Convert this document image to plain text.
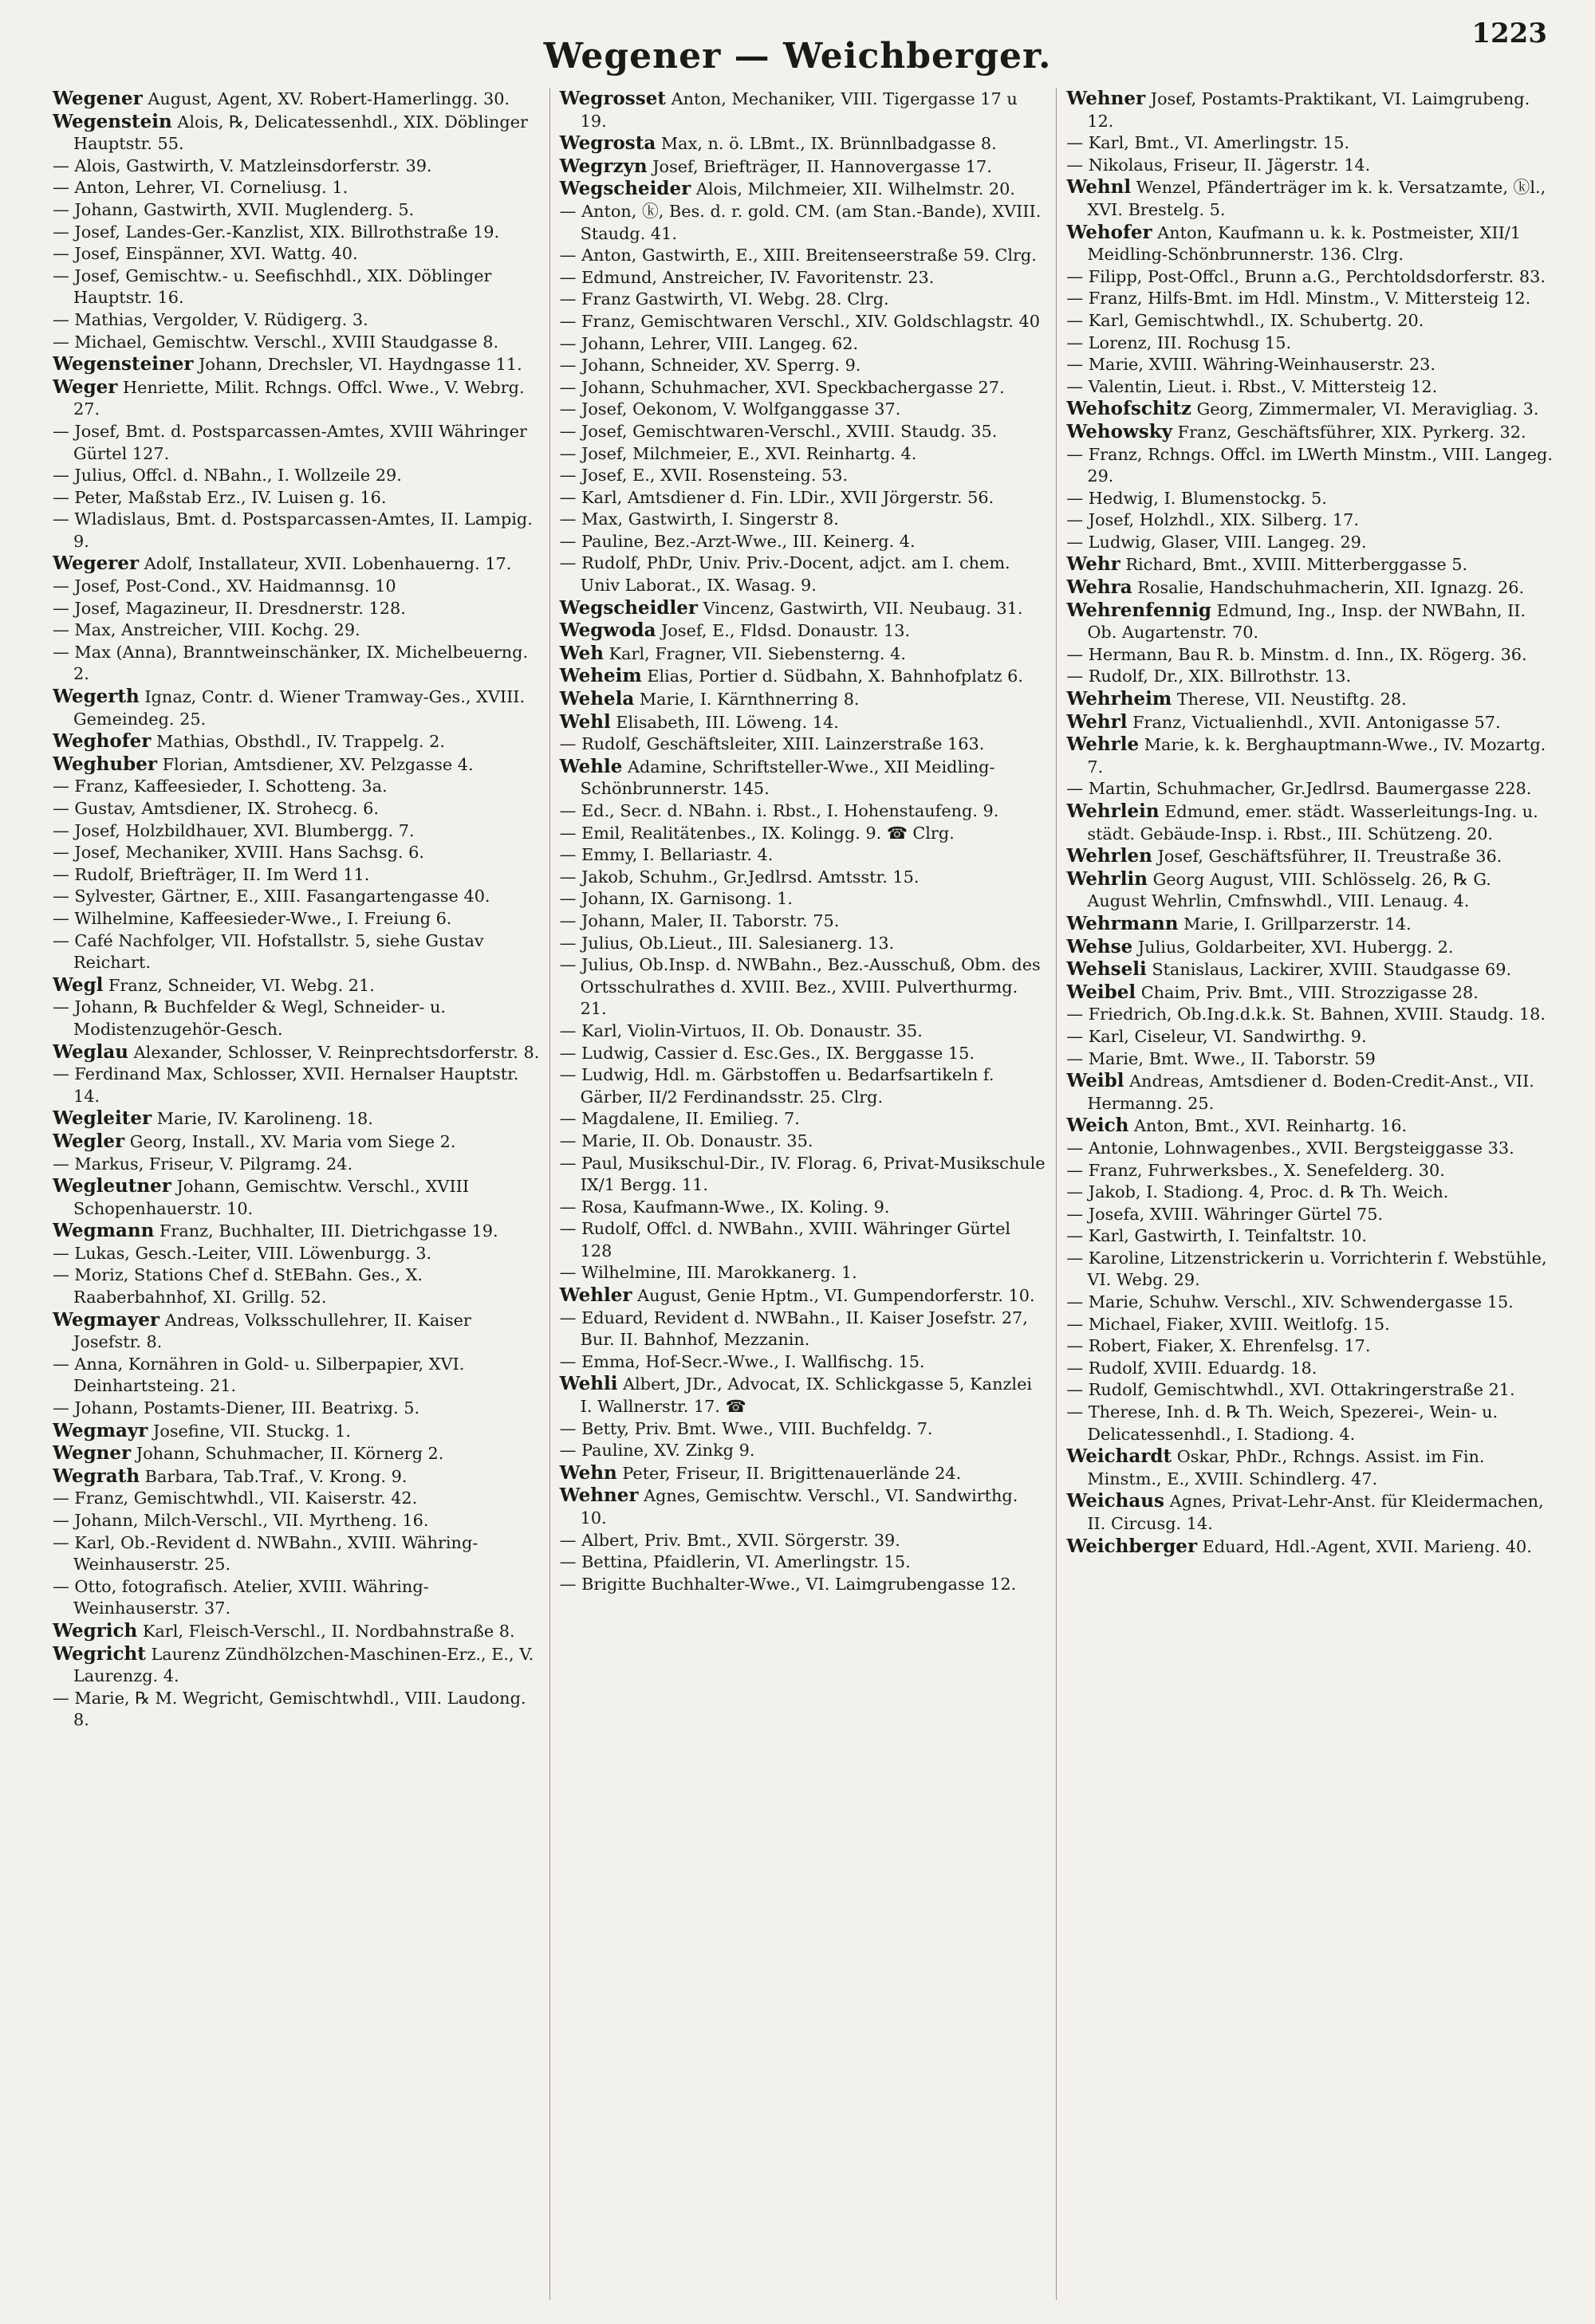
Wegener — Weichberger.
1223

Wegener August, Agent, XV. Robert-Hamerlingg. 30.

Wegenstein Alois, ℞, Delicatessenhdl., XIX. Döblinger Hauptstr. 55.

— Alois, Gastwirth, V. Matzleinsdorferstr. 39.

— Anton, Lehrer, VI. Corneliusg. 1.

— Johann, Gastwirth, XVII. Muglenderg. 5.

— Josef, Landes-Ger.-Kanzlist, XIX. Billrothstraße 19.

— Josef, Einspänner, XVI. Wattg. 40.

— Josef, Gemischtw.- u. Seefischhdl., XIX. Döblinger Hauptstr. 16.

— Mathias, Vergolder, V. Rüdigerg. 3.

— Michael, Gemischtw. Verschl., XVIII Staudgasse 8.

Wegensteiner Johann, Drechsler, VI. Haydngasse 11.

Weger Henriette, Milit. Rchngs. Offcl. Wwe., V. Webrg. 27.

— Josef, Bmt. d. Postsparcassen-Amtes, XVIII Währinger Gürtel 127.

— Julius, Offcl. d. NBahn., I. Wollzeile 29.

— Peter, Maßstab Erz., IV. Luisen g. 16.

— Wladislaus, Bmt. d. Postsparcassen-Amtes, II. Lampig. 9.

Wegerer Adolf, Installateur, XVII. Lobenhauerng. 17.

— Josef, Post-Cond., XV. Haidmannsg. 10

— Josef, Magazineur, II. Dresdnerstr. 128.

— Max, Anstreicher, VIII. Kochg. 29.

— Max (Anna), Branntweinschänker, IX. Michelbeuerng. 2.

Wegerth Ignaz, Contr. d. Wiener Tramway-Ges., XVIII. Gemeindeg. 25.

Weghofer Mathias, Obsthdl., IV. Trappelg. 2.

Weghuber Florian, Amtsdiener, XV. Pelzgasse 4.

— Franz, Kaffeesieder, I. Schotteng. 3a.

— Gustav, Amtsdiener, IX. Strohecg. 6.

— Josef, Holzbildhauer, XVI. Blumbergg. 7.

— Josef, Mechaniker, XVIII. Hans Sachsg. 6.

— Rudolf, Briefträger, II. Im Werd 11.

— Sylvester, Gärtner, E., XIII. Fasangartengasse 40.

— Wilhelmine, Kaffeesieder-Wwe., I. Freiung 6.

— Café Nachfolger, VII. Hofstallstr. 5, siehe Gustav Reichart.

Wegl Franz, Schneider, VI. Webg. 21.

— Johann, ℞ Buchfelder & Wegl, Schneider- u. Modistenzugehör-Gesch.

Weglau Alexander, Schlosser, V. Reinprechtsdorferstr. 8.

— Ferdinand Max, Schlosser, XVII. Hernalser Hauptstr. 14.

Wegleiter Marie, IV. Karolineng. 18.

Wegler Georg, Install., XV. Maria vom Siege 2.

— Markus, Friseur, V. Pilgramg. 24.

Wegleutner Johann, Gemischtw. Verschl., XVIII Schopenhauerstr. 10.

Wegmann Franz, Buchhalter, III. Dietrichgasse 19.

— Lukas, Gesch.-Leiter, VIII. Löwenburgg. 3.

— Moriz, Stations Chef d. StEBahn. Ges., X. Raaberbahnhof, XI. Grillg. 52.

Wegmayer Andreas, Volksschullehrer, II. Kaiser Josefstr. 8.

— Anna, Kornähren in Gold- u. Silberpapier, XVI. Deinhartsteing. 21.

— Johann, Postamts-Diener, III. Beatrixg. 5.

Wegmayr Josefine, VII. Stuckg. 1.

Wegner Johann, Schuhmacher, II. Körnerg 2.

Wegrath Barbara, Tab.Traf., V. Krong. 9.

— Franz, Gemischtwhdl., VII. Kaiserstr. 42.

— Johann, Milch-Verschl., VII. Myrtheng. 16.

— Karl, Ob.-Revident d. NWBahn., XVIII. Währing-Weinhauserstr. 25.

— Otto, fotografisch. Atelier, XVIII. Währing-Weinhauserstr. 37.

Wegrich Karl, Fleisch-Verschl., II. Nordbahnstraße 8.

Wegricht Laurenz Zündhölzchen-Maschinen-Erz., E., V. Laurenzg. 4.

— Marie, ℞ M. Wegricht, Gemischtwhdl., VIII. Laudong. 8.

Wegrosset Anton, Mechaniker, VIII. Tigergasse 17 u 19.

Wegrosta Max, n. ö. LBmt., IX. Brünnlbadgasse 8.

Wegrzyn Josef, Briefträger, II. Hannovergasse 17.

Wegscheider Alois, Milchmeier, XII. Wilhelmstr. 20.

— Anton, ⓚ, Bes. d. r. gold. CM. (am Stan.-Bande), XVIII. Staudg. 41.

— Anton, Gastwirth, E., XIII. Breitenseerstraße 59. Clrg.

— Edmund, Anstreicher, IV. Favoritenstr. 23.

— Franz Gastwirth, VI. Webg. 28. Clrg.

— Franz, Gemischtwaren Verschl., XIV. Goldschlagstr. 40

— Johann, Lehrer, VIII. Langeg. 62.

— Johann, Schneider, XV. Sperrg. 9.

— Johann, Schuhmacher, XVI. Speckbachergasse 27.

— Josef, Oekonom, V. Wolfganggasse 37.

— Josef, Gemischtwaren-Verschl., XVIII. Staudg. 35.

— Josef, Milchmeier, E., XVI. Reinhartg. 4.

— Josef, E., XVII. Rosensteing. 53.

— Karl, Amtsdiener d. Fin. LDir., XVII Jörgerstr. 56.

— Max, Gastwirth, I. Singerstr 8.

— Pauline, Bez.-Arzt-Wwe., III. Keinerg. 4.

— Rudolf, PhDr, Univ. Priv.-Docent, adjct. am I. chem. Univ Laborat., IX. Wasag. 9.

Wegscheidler Vincenz, Gastwirth, VII. Neubaug. 31.

Wegwoda Josef, E., Fldsd. Donaustr. 13.

Weh Karl, Fragner, VII. Siebensterng. 4.

Weheim Elias, Portier d. Südbahn, X. Bahnhofplatz 6.

Wehela Marie, I. Kärnthnerring 8.

Wehl Elisabeth, III. Löweng. 14.

— Rudolf, Geschäftsleiter, XIII. Lainzerstraße 163.

Wehle Adamine, Schriftsteller-Wwe., XII Meidling-Schönbrunnerstr. 145.

— Ed., Secr. d. NBahn. i. Rbst., I. Hohenstaufeng. 9.

— Emil, Realitätenbes., IX. Kolingg. 9. ☎ Clrg.

— Emmy, I. Bellariastr. 4.

— Jakob, Schuhm., Gr.Jedlrsd. Amtsstr. 15.

— Johann, IX. Garnisong. 1.

— Johann, Maler, II. Taborstr. 75.

— Julius, Ob.Lieut., III. Salesianerg. 13.

— Julius, Ob.Insp. d. NWBahn., Bez.-Ausschuß, Obm. des Ortsschulrathes d. XVIII. Bez., XVIII. Pulverthurmg. 21.

— Karl, Violin-Virtuos, II. Ob. Donaustr. 35.

— Ludwig, Cassier d. Esc.Ges., IX. Berggasse 15.

— Ludwig, Hdl. m. Gärbstoffen u. Bedarfsartikeln f. Gärber, II/2 Ferdinandsstr. 25. Clrg.

— Magdalene, II. Emilieg. 7.

— Marie, II. Ob. Donaustr. 35.

— Paul, Musikschul-Dir., IV. Florag. 6, Privat-Musikschule IX/1 Bergg. 11.

— Rosa, Kaufmann-Wwe., IX. Koling. 9.

— Rudolf, Offcl. d. NWBahn., XVIII. Währinger Gürtel 128

— Wilhelmine, III. Marokkanerg. 1.

Wehler August, Genie Hptm., VI. Gumpendorferstr. 10.

— Eduard, Revident d. NWBahn., II. Kaiser Josefstr. 27, Bur. II. Bahnhof, Mezzanin.

— Emma, Hof-Secr.-Wwe., I. Wallfischg. 15.

Wehli Albert, JDr., Advocat, IX. Schlickgasse 5, Kanzlei I. Wallnerstr. 17. ☎

— Betty, Priv. Bmt. Wwe., VIII. Buchfeldg. 7.

— Pauline, XV. Zinkg 9.

Wehn Peter, Friseur, II. Brigittenauerlände 24.

Wehner Agnes, Gemischtw. Verschl., VI. Sandwirthg. 10.

— Albert, Priv. Bmt., XVII. Sörgerstr. 39.

— Bettina, Pfaidlerin, VI. Amerlingstr. 15.

— Brigitte Buchhalter-Wwe., VI. Laimgrubengasse 12.

Wehner Josef, Postamts-Praktikant, VI. Laimgrubeng. 12.

— Karl, Bmt., VI. Amerlingstr. 15.

— Nikolaus, Friseur, II. Jägerstr. 14.

Wehnl Wenzel, Pfänderträger im k. k. Versatzamte, ⓚl., XVI. Brestelg. 5.

Wehofer Anton, Kaufmann u. k. k. Postmeister, XII/1 Meidling-Schönbrunnerstr. 136. Clrg.

— Filipp, Post-Offcl., Brunn a.G., Perchtoldsdorferstr. 83.

— Franz, Hilfs-Bmt. im Hdl. Minstm., V. Mittersteig 12.

— Karl, Gemischtwhdl., IX. Schubertg. 20.

— Lorenz, III. Rochusg 15.

— Marie, XVIII. Währing-Weinhauserstr. 23.

— Valentin, Lieut. i. Rbst., V. Mittersteig 12.

Wehofschitz Georg, Zimmermaler, VI. Meravigliag. 3.

Wehowsky Franz, Geschäftsführer, XIX. Pyrkerg. 32.

— Franz, Rchngs. Offcl. im LWerth Minstm., VIII. Langeg. 29.

— Hedwig, I. Blumenstockg. 5.

— Josef, Holzhdl., XIX. Silberg. 17.

— Ludwig, Glaser, VIII. Langeg. 29.

Wehr Richard, Bmt., XVIII. Mitterberggasse 5.

Wehra Rosalie, Handschuhmacherin, XII. Ignazg. 26.

Wehrenfennig Edmund, Ing., Insp. der NWBahn, II. Ob. Augartenstr. 70.

— Hermann, Bau R. b. Minstm. d. Inn., IX. Rögerg. 36.

— Rudolf, Dr., XIX. Billrothstr. 13.

Wehrheim Therese, VII. Neustiftg. 28.

Wehrl Franz, Victualienhdl., XVII. Antonigasse 57.

Wehrle Marie, k. k. Berghauptmann-Wwe., IV. Mozartg. 7.

— Martin, Schuhmacher, Gr.Jedlrsd. Baumergasse 228.

Wehrlein Edmund, emer. städt. Wasserleitungs-Ing. u. städt. Gebäude-Insp. i. Rbst., III. Schützeng. 20.

Wehrlen Josef, Geschäftsführer, II. Treustraße 36.

Wehrlin Georg August, VIII. Schlösselg. 26, ℞ G. August Wehrlin, Cmfnswhdl., VIII. Lenaug. 4.

Wehrmann Marie, I. Grillparzerstr. 14.

Wehse Julius, Goldarbeiter, XVI. Hubergg. 2.

Wehseli Stanislaus, Lackirer, XVIII. Staudgasse 69.

Weibel Chaim, Priv. Bmt., VIII. Strozzigasse 28.

— Friedrich, Ob.Ing.d.k.k. St. Bahnen, XVIII. Staudg. 18.

— Karl, Ciseleur, VI. Sandwirthg. 9.

— Marie, Bmt. Wwe., II. Taborstr. 59

Weibl Andreas, Amtsdiener d. Boden-Credit-Anst., VII. Hermanng. 25.

Weich Anton, Bmt., XVI. Reinhartg. 16.

— Antonie, Lohnwagenbes., XVII. Bergsteiggasse 33.

— Franz, Fuhrwerksbes., X. Senefelderg. 30.

— Jakob, I. Stadiong. 4, Proc. d. ℞ Th. Weich.

— Josefa, XVIII. Währinger Gürtel 75.

— Karl, Gastwirth, I. Teinfaltstr. 10.

— Karoline, Litzenstrickerin u. Vorrichterin f. Webstühle, VI. Webg. 29.

— Marie, Schuhw. Verschl., XIV. Schwendergasse 15.

— Michael, Fiaker, XVIII. Weitlofg. 15.

— Robert, Fiaker, X. Ehrenfelsg. 17.

— Rudolf, XVIII. Eduardg. 18.

— Rudolf, Gemischtwhdl., XVI. Ottakringerstraße 21.

— Therese, Inh. d. ℞ Th. Weich, Spezerei-, Wein- u. Delicatessenhdl., I. Stadiong. 4.

Weichardt Oskar, PhDr., Rchngs. Assist. im Fin. Minstm., E., XVIII. Schindlerg. 47.

Weichaus Agnes, Privat-Lehr-Anst. für Kleidermachen, II. Circusg. 14.

Weichberger Eduard, Hdl.-Agent, XVII. Marieng. 40.
